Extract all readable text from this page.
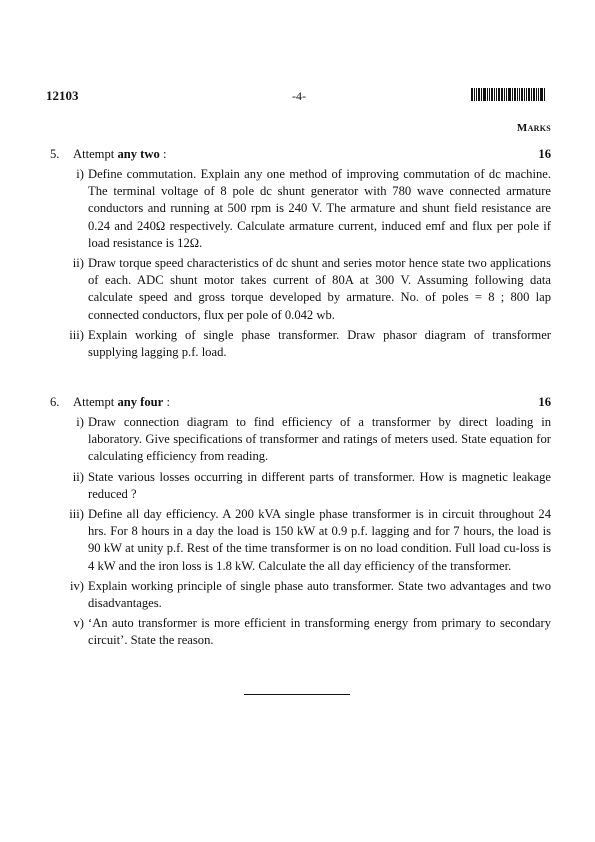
12103	-4-
Marks
5. Attempt any two :	16
i) Define commutation. Explain any one method of improving commutation of dc machine. The terminal voltage of 8 pole dc shunt generator with 780 wave connected armature conductors and running at 500 rpm is 240 V. The armature and shunt field resistance are 0.24 and 240Ω respectively. Calculate armature current, induced emf and flux per pole if load resistance is 12Ω.
ii) Draw torque speed characteristics of dc shunt and series motor hence state two applications of each. ADC shunt motor takes current of 80A at 300 V. Assuming following data calculate speed and gross torque developed by armature. No. of poles = 8 ; 800 lap connected conductors, flux per pole of 0.042 wb.
iii) Explain working of single phase transformer. Draw phasor diagram of transformer supplying lagging p.f. load.
6. Attempt any four :	16
i) Draw connection diagram to find efficiency of a transformer by direct loading in laboratory. Give specifications of transformer and ratings of meters used. State equation for calculating efficiency from reading.
ii) State various losses occurring in different parts of transformer. How is magnetic leakage reduced ?
iii) Define all day efficiency. A 200 kVA single phase transformer is in circuit throughout 24 hrs. For 8 hours in a day the load is 150 kW at 0.9 p.f. lagging and for 7 hours, the load is 90 kW at unity p.f. Rest of the time transformer is on no load condition. Full load cu-loss is 4 kW and the iron loss is 1.8 kW. Calculate the all day efficiency of the transformer.
iv) Explain working principle of single phase auto transformer. State two advantages and two disadvantages.
v) ‘An auto transformer is more efficient in transforming energy from primary to secondary circuit’. State the reason.
